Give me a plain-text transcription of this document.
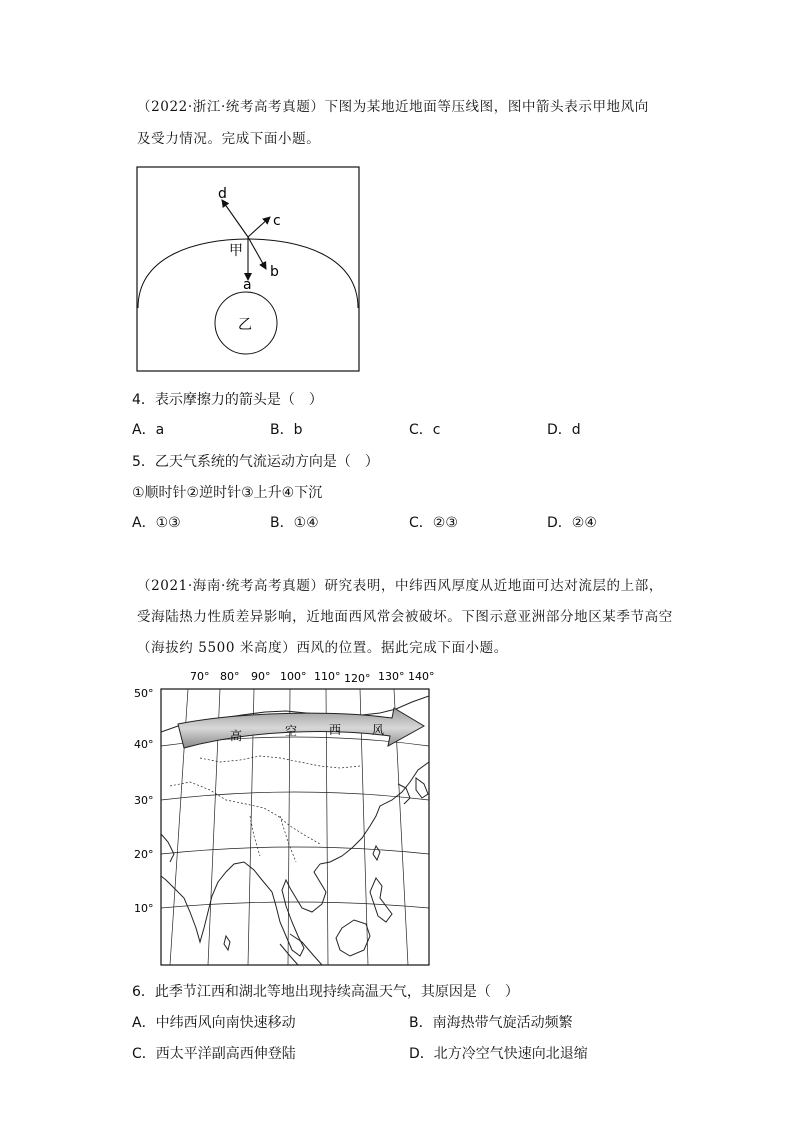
（2022·浙江·统考高考真题）下图为某地近地面等压线图，图中箭头表示甲地风向
及受力情况。完成下面小题。
d
c
b
a
甲
乙
4．表示摩擦力的箭头是（　）
A．a	B．b	C．c	D．d
5．乙天气系统的气流运动方向是（　）
①顺时针②逆时针③上升④下沉
A．①③	B．①④	C．②③	D．②④
（2021·海南·统考高考真题）研究表明，中纬西风厚度从近地面可达对流层的上部，
受海陆热力性质差异影响，近地面西风常会被破坏。下图示意亚洲部分地区某季节高空
（海拔约 5500 米高度）西风的位置。据此完成下面小题。
70° 80° 90° 100° 110° 120° 130° 140°
50°
40°
30°
20°
10°
高	空	西	风
6．此季节江西和湖北等地出现持续高温天气，其原因是（　）
A．中纬西风向南快速移动	B．南海热带气旋活动频繁
C．西太平洋副高西伸登陆	D．北方冷空气快速向北退缩
